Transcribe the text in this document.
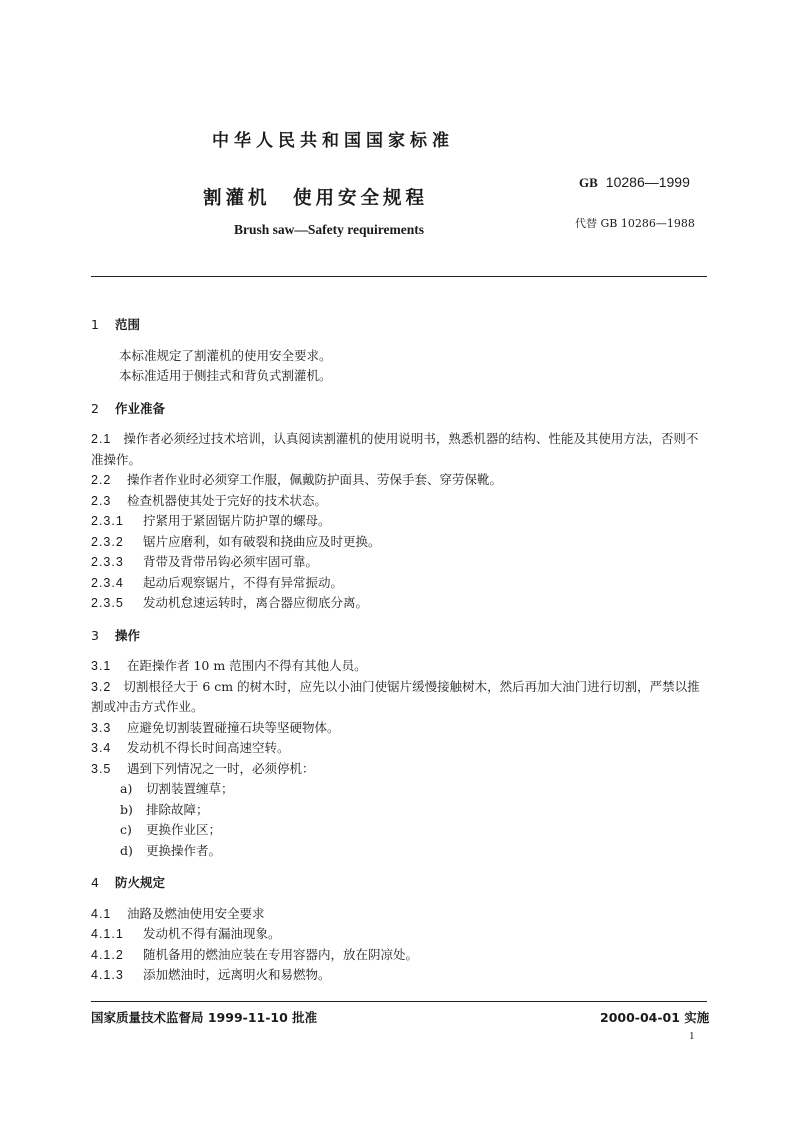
中华人民共和国国家标准
割灌机　使用安全规程
Brush saw—Safety requirements
GB 10286—1999
代替 GB 10286—1988
1 范围
本标准规定了割灌机的使用安全要求。
本标准适用于侧挂式和背负式割灌机。
2 作业准备
2.1 操作者必须经过技术培训，认真阅读割灌机的使用说明书，熟悉机器的结构、性能及其使用方法，否则不准操作。
2.2 操作者作业时必须穿工作服，佩戴防护面具、劳保手套、穿劳保靴。
2.3 检查机器使其处于完好的技术状态。
2.3.1 拧紧用于紧固锯片防护罩的螺母。
2.3.2 锯片应磨利，如有破裂和挠曲应及时更换。
2.3.3 背带及背带吊钩必须牢固可靠。
2.3.4 起动后观察锯片，不得有异常振动。
2.3.5 发动机怠速运转时，离合器应彻底分离。
3 操作
3.1 在距操作者 10 m 范围内不得有其他人员。
3.2 切割根径大于 6 cm 的树木时，应先以小油门使锯片缓慢接触树木，然后再加大油门进行切割，严禁以推割或冲击方式作业。
3.3 应避免切割装置碰撞石块等坚硬物体。
3.4 发动机不得长时间高速空转。
3.5 遇到下列情况之一时，必须停机：
a) 切割装置缠草；
b) 排除故障；
c) 更换作业区；
d) 更换操作者。
4 防火规定
4.1 油路及燃油使用安全要求
4.1.1 发动机不得有漏油现象。
4.1.2 随机备用的燃油应装在专用容器内，放在阴凉处。
4.1.3 添加燃油时，远离明火和易燃物。
国家质量技术监督局 1999-11-10 批准	2000-04-01 实施
1
